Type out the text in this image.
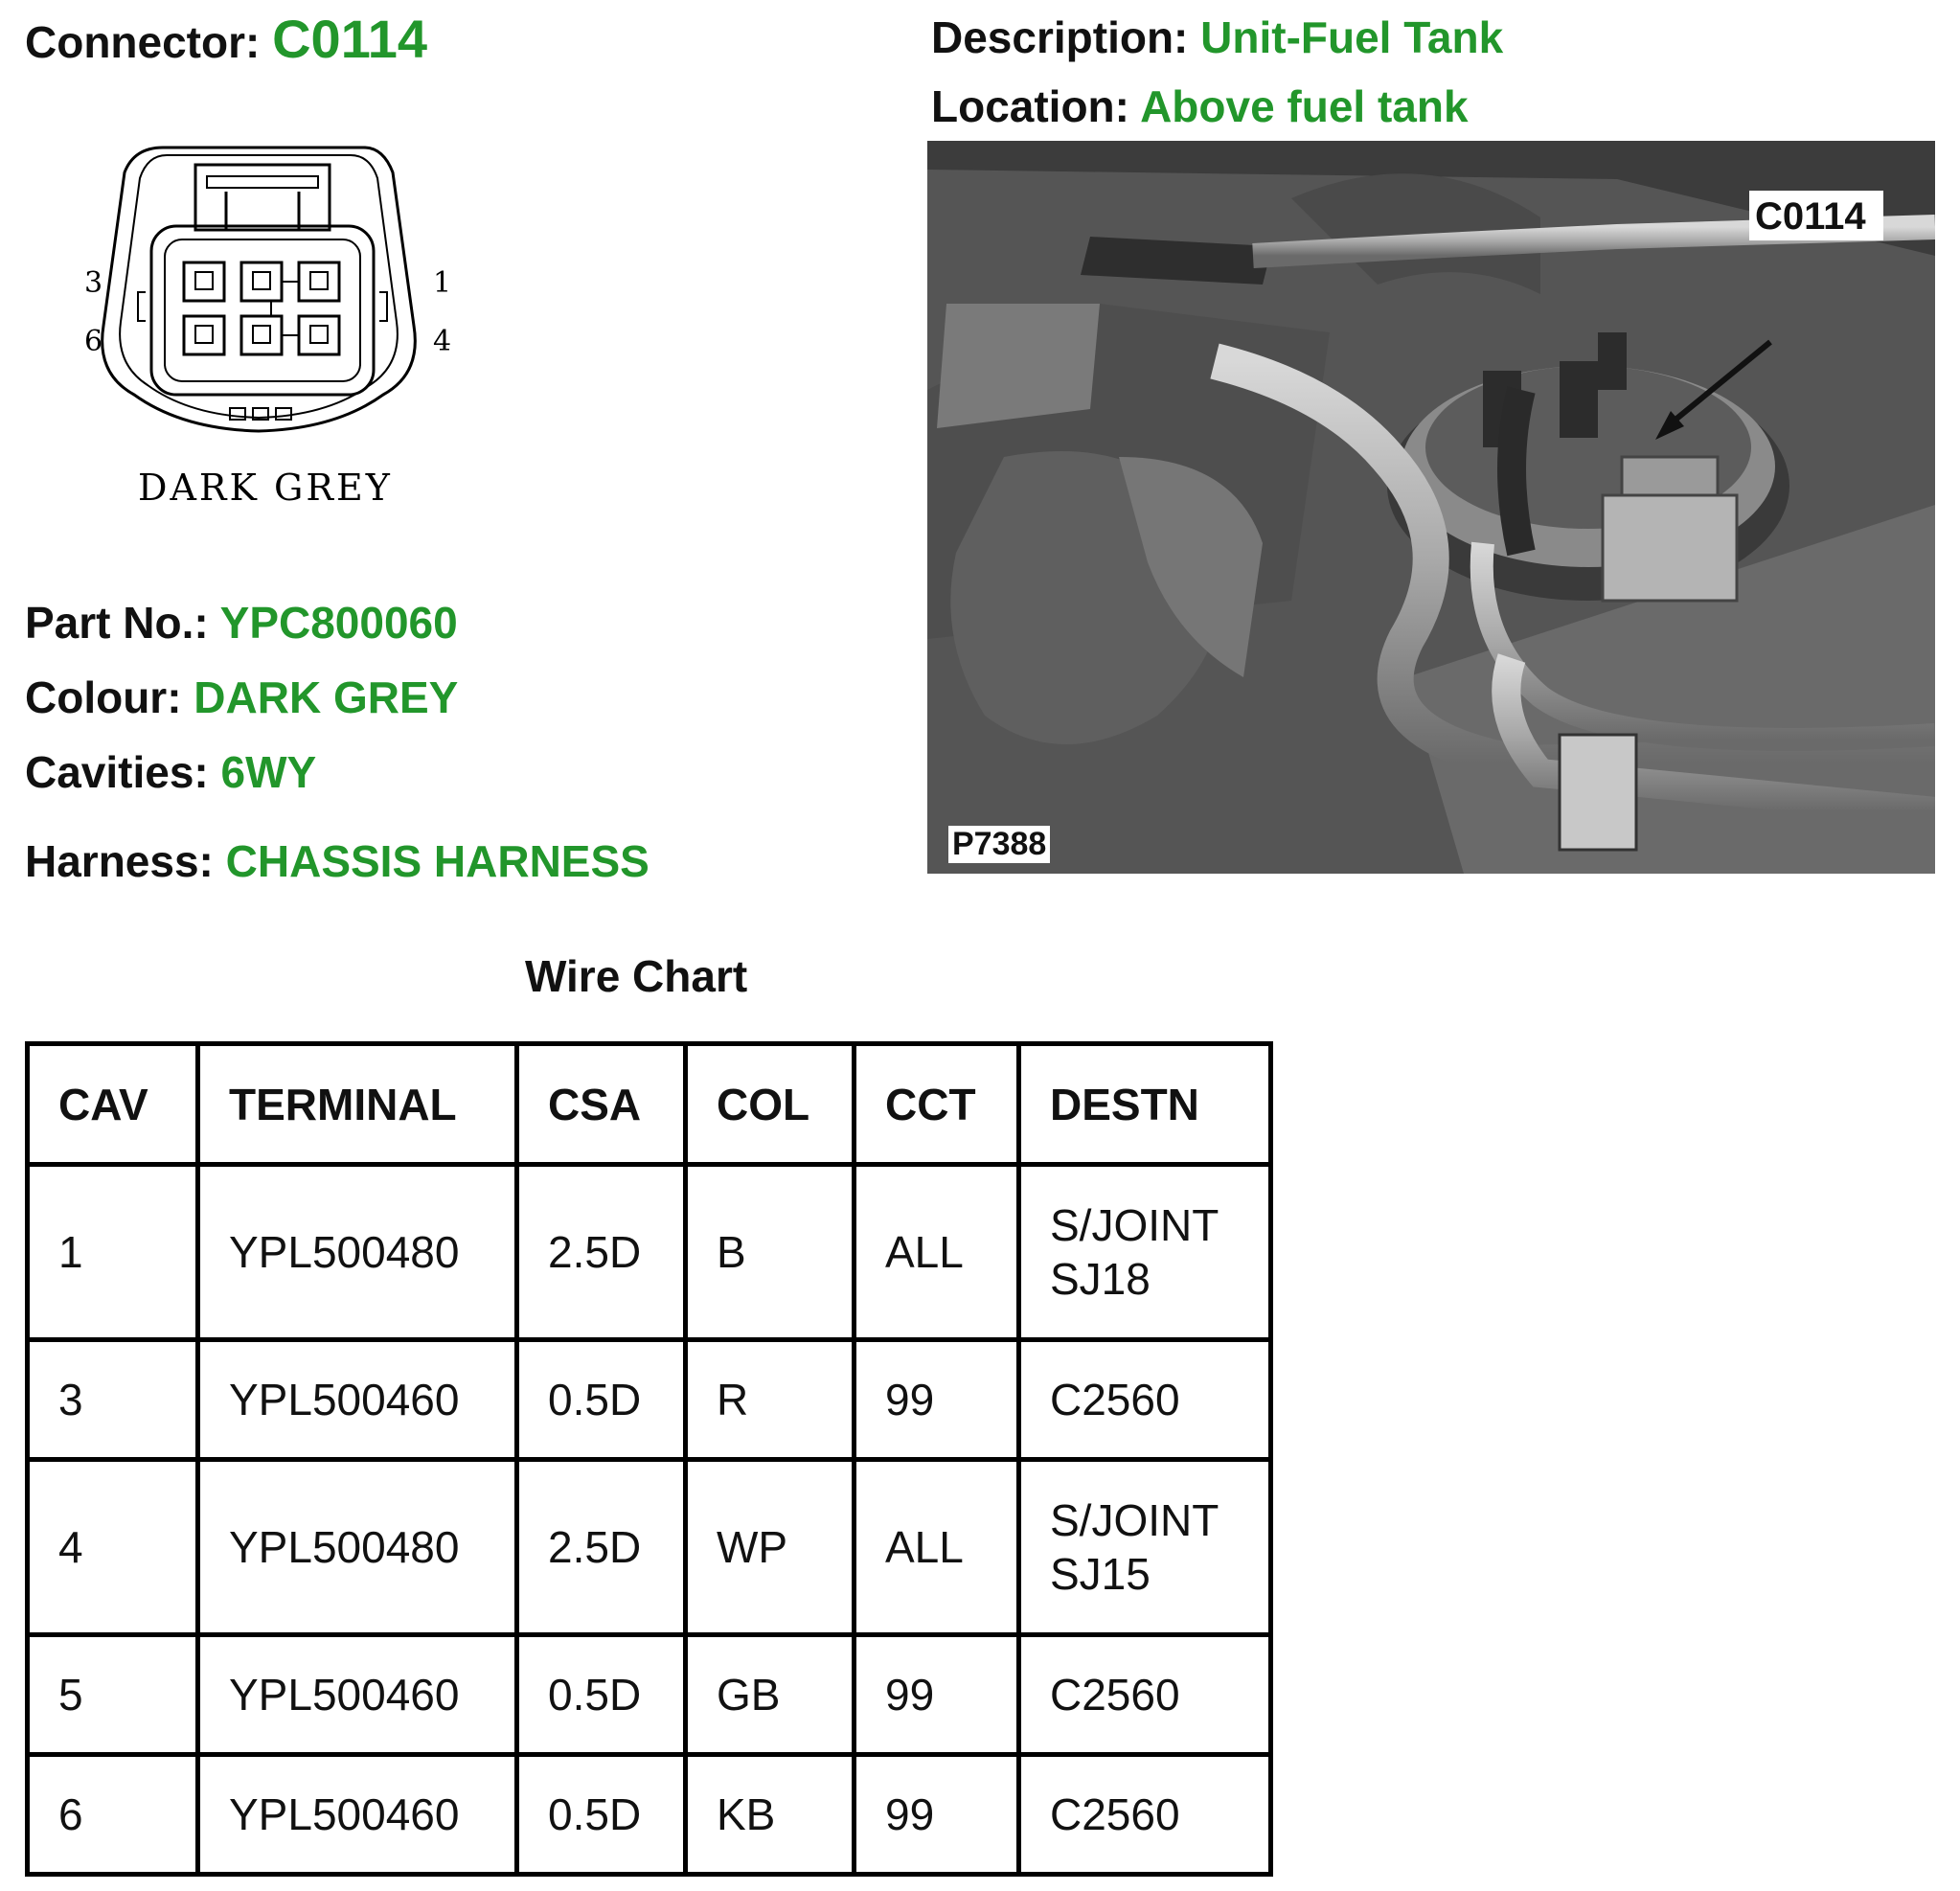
Connector: C0114	Description: Unit-Fuel Tank
Location: Above fuel tank
3
6
1
4
DARK GREY
C0114
P7388
Part No.: YPC800060
Colour: DARK GREY
Cavities: 6WY
Harness: CHASSIS HARNESS
Wire Chart
CAV	TERMINAL	CSA	COL	CCT	DESTN
1	YPL500480	2.5D	B	ALL	S/JOINT
SJ18

3	YPL500460	0.5D	R	99	C2560

4	YPL500480	2.5D	WP	ALL	S/JOINT
SJ15

5	YPL500460	0.5D	GB	99	C2560

6	YPL500460	0.5D	KB	99	C2560
